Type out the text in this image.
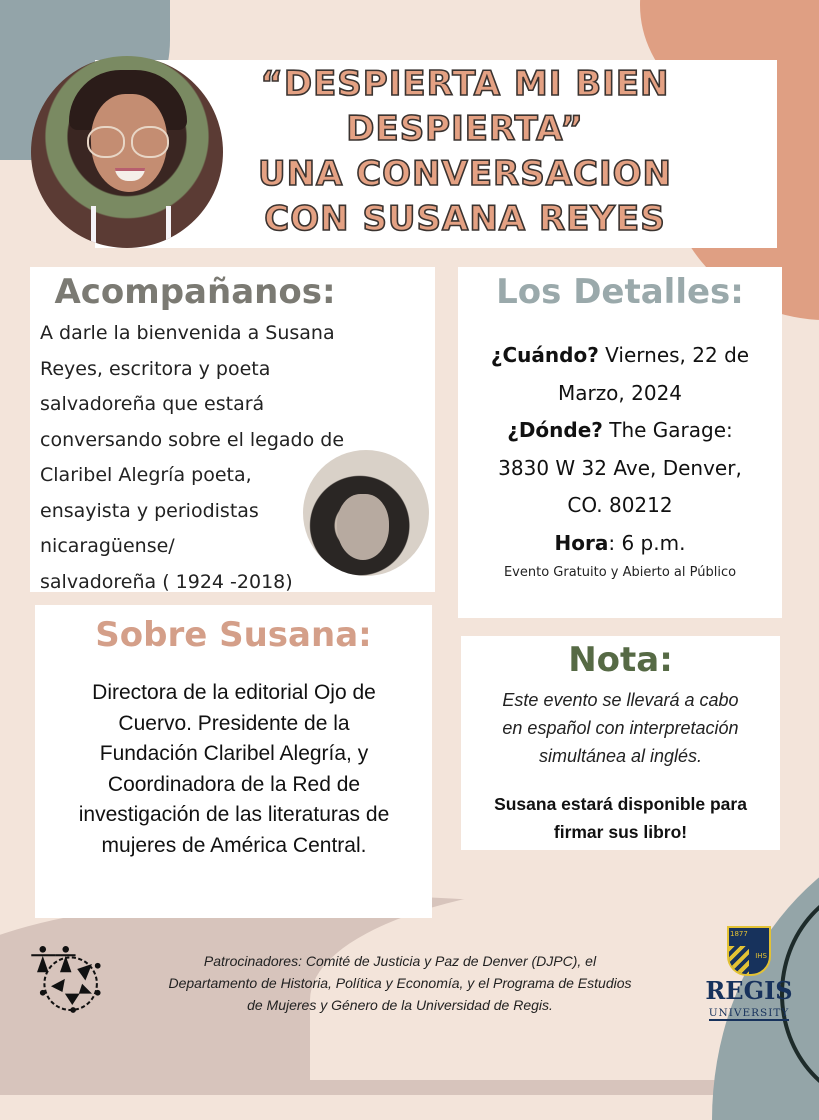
“DESPIERTA MI BIEN
DESPIERTA”
UNA CONVERSACION
CON SUSANA REYES
Acompañanos:
A darle la bienvenida a Susana
Reyes, escritora y poeta
salvadoreña que estará
conversando sobre el legado de
Claribel Alegría poeta,
ensayista y periodistas
nicaragüense/
salvadoreña ( 1924 -2018)
Los Detalles:
¿Cuándo? Viernes, 22 de
Marzo, 2024
¿Dónde? The Garage:
3830 W 32 Ave, Denver,
CO. 80212
Hora: 6 p.m.
Evento Gratuito y Abierto al Público
Sobre Susana:
Directora de la editorial Ojo de
Cuervo. Presidente de la
Fundación Claribel Alegría, y
Coordinadora de la Red de
investigación de las literaturas de
mujeres de América Central.
Nota:
Este evento se llevará a cabo
en español con interpretación
simultánea al inglés.
Susana estará disponible para
firmar sus libro!
Patrocinadores: Comité de Justicia y Paz de Denver (DJPC), el
Departamento de Historia, Política y Economía, y el Programa de Estudios
de Mujeres y Género de la Universidad de Regis.
1877
IHS
REGIS
UNIVERSITY
